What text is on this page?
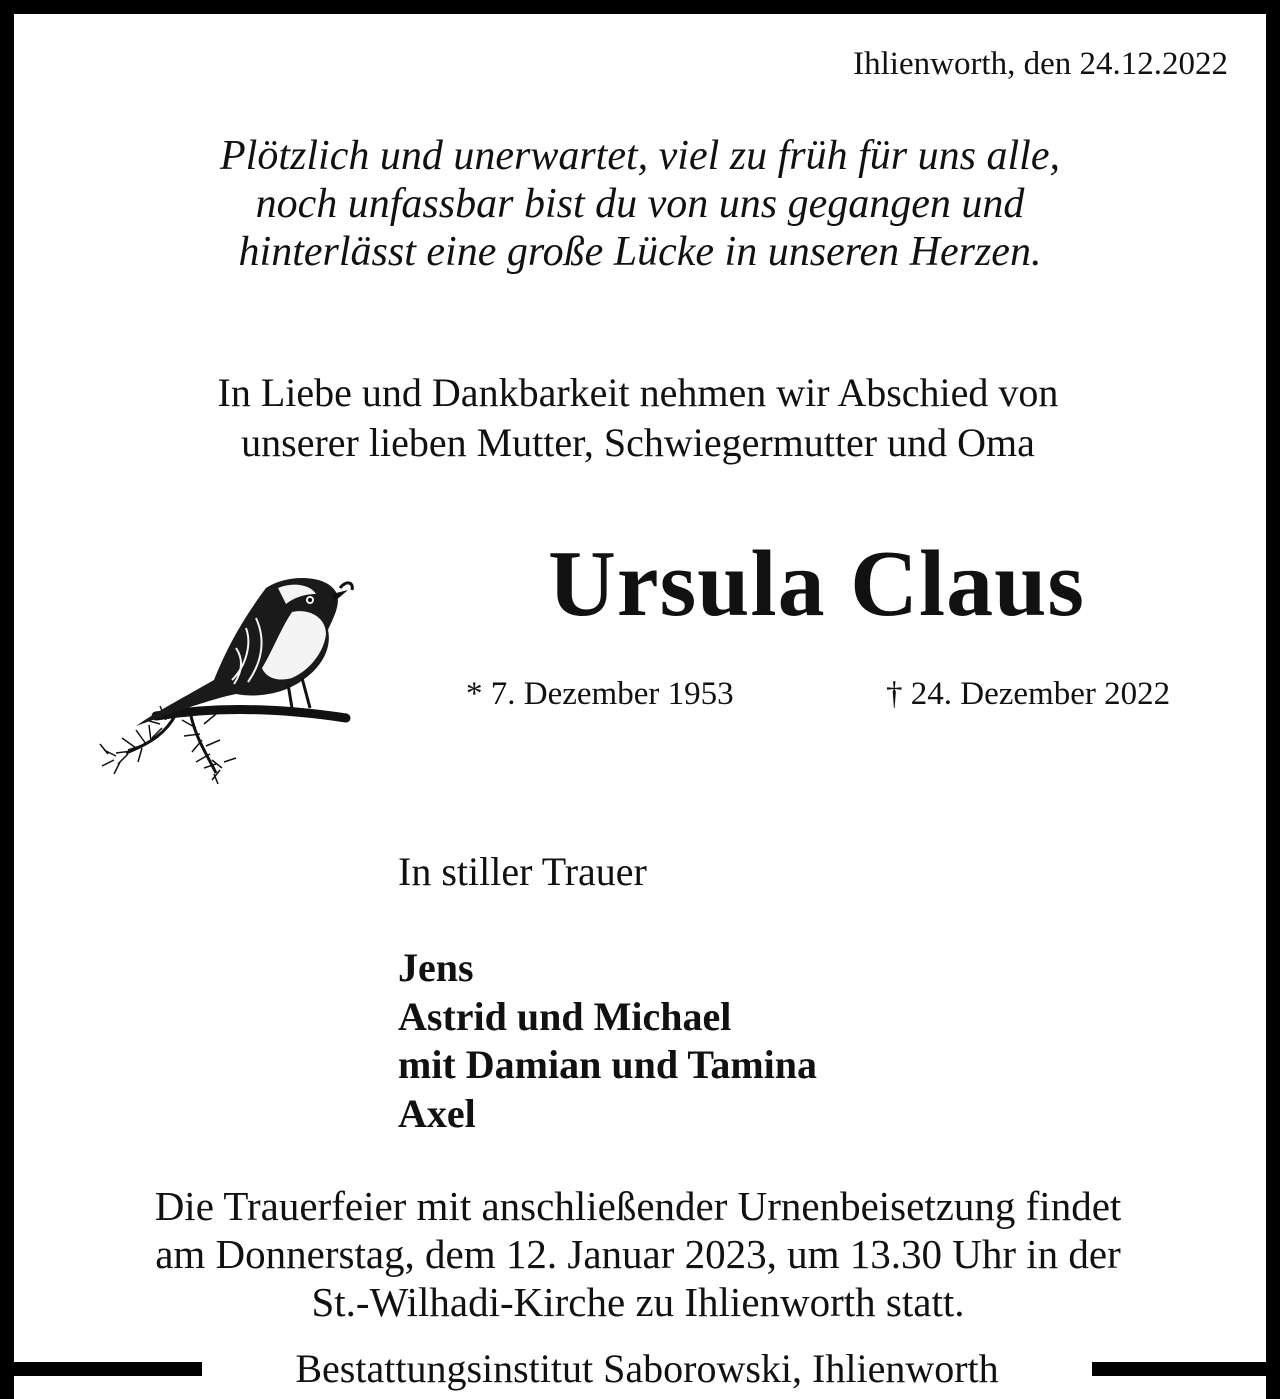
Ihlienworth, den 24.12.2022
Plötzlich und unerwartet, viel zu früh für uns alle,
noch unfassbar bist du von uns gegangen und
hinterlässt eine große Lücke in unseren Herzen.
In Liebe und Dankbarkeit nehmen wir Abschied von
unserer lieben Mutter, Schwiegermutter und Oma
Ursula Claus
* 7. Dezember 1953	† 24. Dezember 2022
In stiller Trauer
Jens
Astrid und Michael
mit Damian und Tamina
Axel
Die Trauerfeier mit anschließender Urnenbeisetzung findet
am Donnerstag, dem 12. Januar 2023, um 13.30 Uhr in der
St.-Wilhadi-Kirche zu Ihlienworth statt.
Bestattungsinstitut Saborowski, Ihlienworth
